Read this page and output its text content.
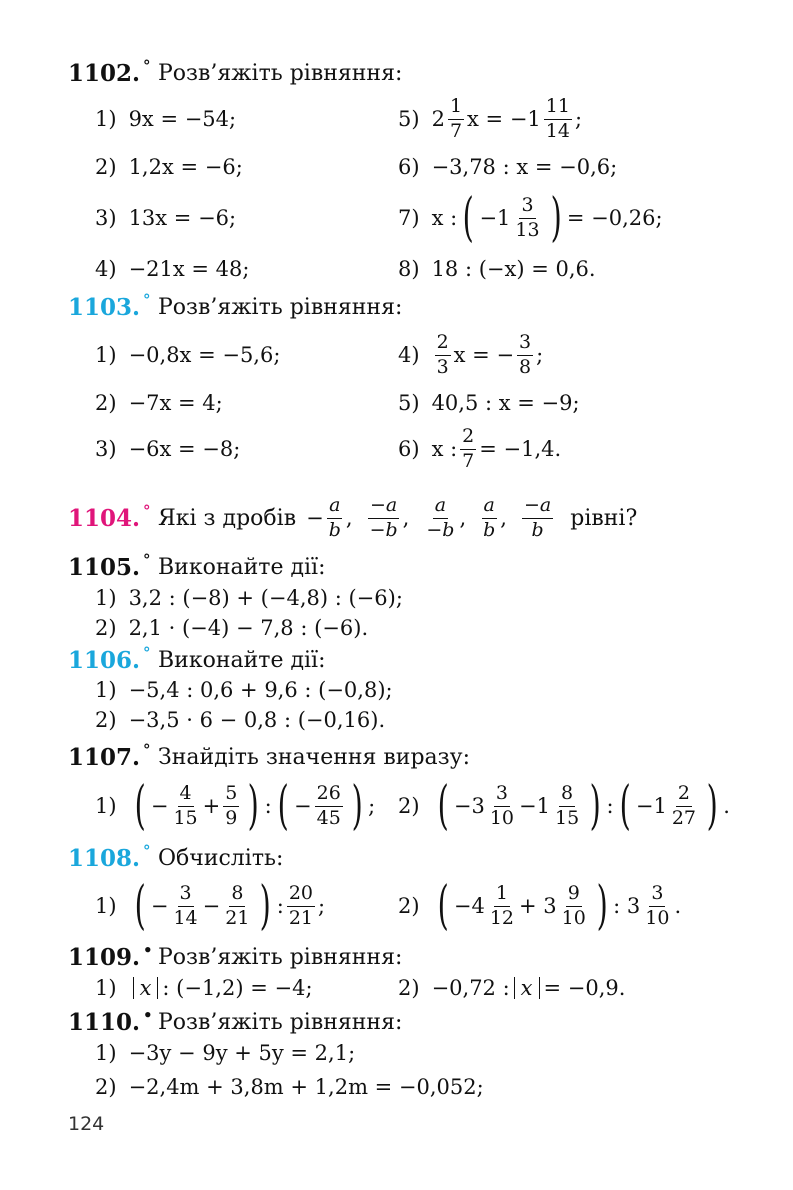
1102. ° Розв’яжіть рівняння:
1) 9x = −54;	5) $2 \frac{1}{7}$ $x = -1 \frac{11}{14}$ ;
2) 1,2x = −6;	6) −3,78 : x = −0,6;
3) 13x = −6;	7) x : ( $-1 \frac{3}{13}$ ) = −0,26;
4) −21x = 48;	8) 18 : (−x) = 0,6.
1103. ° Розв’яжіть рівняння:
1) −0,8x = −5,6;	$4) \frac{2}{3}$ x = − $\frac{3}{8}$ ;
2) −7x = 4;	5) 40,5 : x = −9;
3) −6x = −8;	6) x : $\frac{2}{7} = -1,4$.
1104. ° Які з дробів − $\frac{a}{b}$ , $\frac{-a}{-b}$ , $\frac{a}{-b}$ , $\frac{a}{b}$ , $\frac{-a}{b}$ рівні?
1105. ° Виконайте дії:
1) 3,2 : (−8) + (−4,8) : (−6);
2) 2,1 · (−4) − 7,8 : (−6).
1106. ° Виконайте дії:
1) −5,4 : 0,6 + 9,6 : (−0,8);
2) −3,5 · 6 − 0,8 : (−0,16).
1107. ° Знайдіть значення виразу:
1) ( − $\frac{4}{15} + \frac{5}{9}$ ) : ( − $\frac{26}{45}$ ) ; 2) ( $-3 \frac{3}{10} -1 \frac{8}{15}$ ) : ( $-1 \frac{2}{27}$ ) .
1108. ° Обчисліть:
1) ( − $\frac{3}{14} - \frac{8}{21}$ ) : $\frac{20}{21}$ ;	2) ( $-4 \frac{1}{12} + 3 \frac{9}{10}$ ) : $3 \frac{3}{10}$ .
1109. • Розв’яжіть рівняння:
1) x : (−1,2) = −4;	2) −0,72 : x = −0,9.
1110. • Розв’яжіть рівняння:
1) −3y − 9y + 5y = 2,1;
2) −2,4m + 3,8m + 1,2m = −0,052;
124
